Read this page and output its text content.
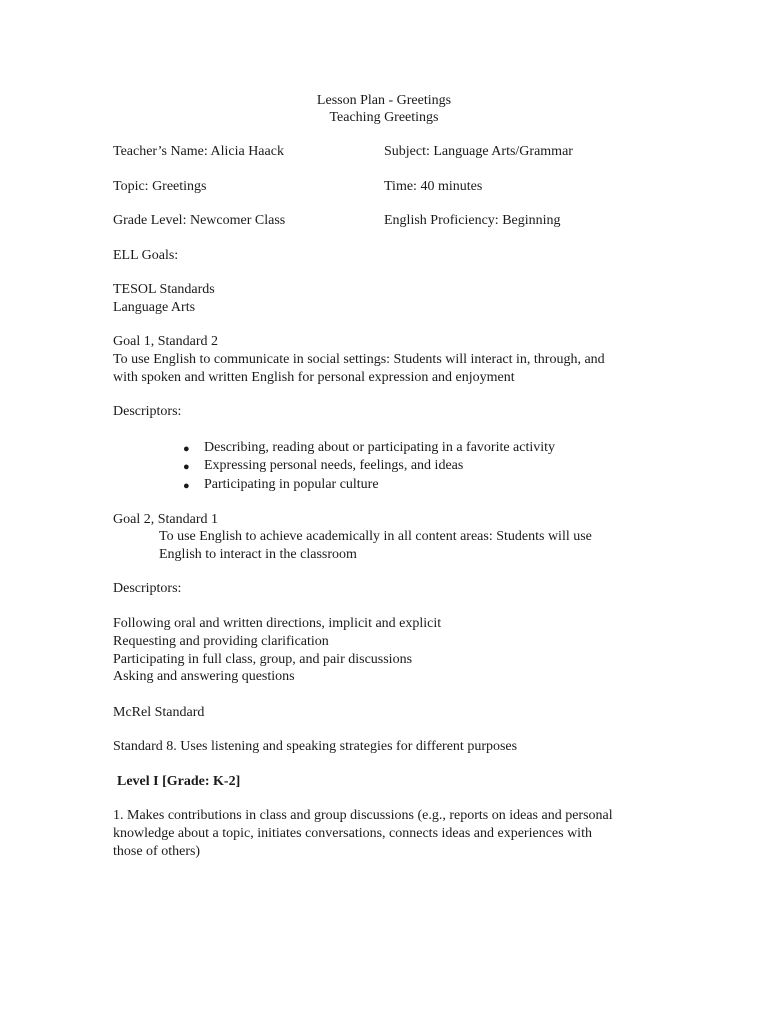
Lesson Plan - Greetings
Teaching Greetings
Teacher’s Name: Alicia Haack	Subject: Language Arts/Grammar
Topic: Greetings	Time: 40 minutes
Grade Level: Newcomer Class	English Proficiency: Beginning
ELL Goals:
TESOL Standards
Language Arts
Goal 1, Standard 2
To use English to communicate in social settings: Students will interact in, through, and
with spoken and written English for personal expression and enjoyment
Descriptors:
● Describing, reading about or participating in a favorite activity
● Expressing personal needs, feelings, and ideas
● Participating in popular culture
Goal 2, Standard 1
To use English to achieve academically in all content areas: Students will use
English to interact in the classroom
Descriptors:
Following oral and written directions, implicit and explicit
Requesting and providing clarification
Participating in full class, group, and pair discussions
Asking and answering questions
McRel Standard
Standard 8. Uses listening and speaking strategies for different purposes
Level I [Grade: K-2]
1. Makes contributions in class and group discussions (e.g., reports on ideas and personal
knowledge about a topic, initiates conversations, connects ideas and experiences with
those of others)
